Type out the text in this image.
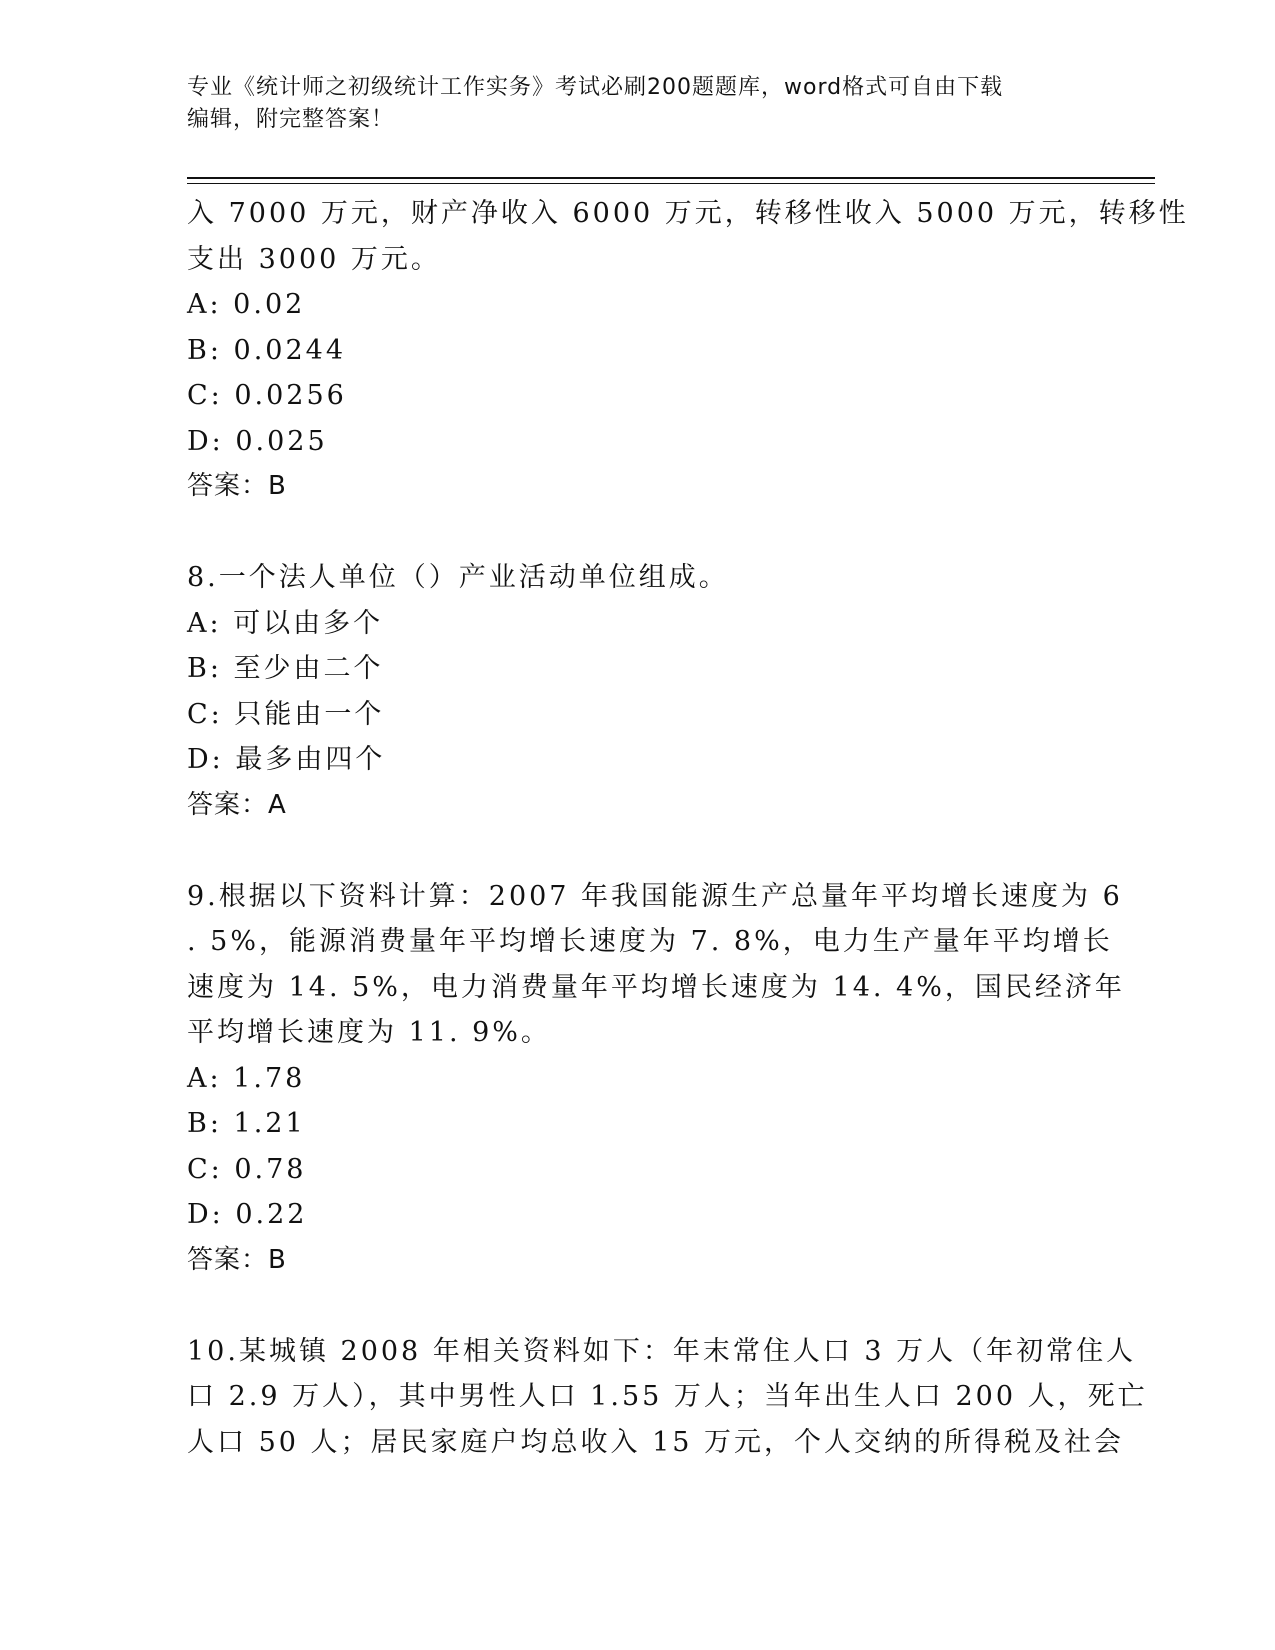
专业《统计师之初级统计工作实务》考试必刷200题题库，word格式可自由下载
编辑，附完整答案！
入 7000 万元，财产净收入 6000 万元，转移性收入 5000 万元，转移性
支出 3000 万元。
A: 0.02
B: 0.0244
C: 0.0256
D: 0.025
答案：B
8.一个法人单位（）产业活动单位组成。
A: 可以由多个
B: 至少由二个
C: 只能由一个
D: 最多由四个
答案：A
9.根据以下资料计算：2007 年我国能源生产总量年平均增长速度为 6
. 5%，能源消费量年平均增长速度为 7. 8%，电力生产量年平均增长
速度为 14. 5%，电力消费量年平均增长速度为 14. 4%，国民经济年
平均增长速度为 11. 9%。
A: 1.78
B: 1.21
C: 0.78
D: 0.22
答案：B
10.某城镇 2008 年相关资料如下：年末常住人口 3 万人（年初常住人
口 2.9 万人），其中男性人口 1.55 万人；当年出生人口 200 人，死亡
人口 50 人；居民家庭户均总收入 15 万元，个人交纳的所得税及社会
